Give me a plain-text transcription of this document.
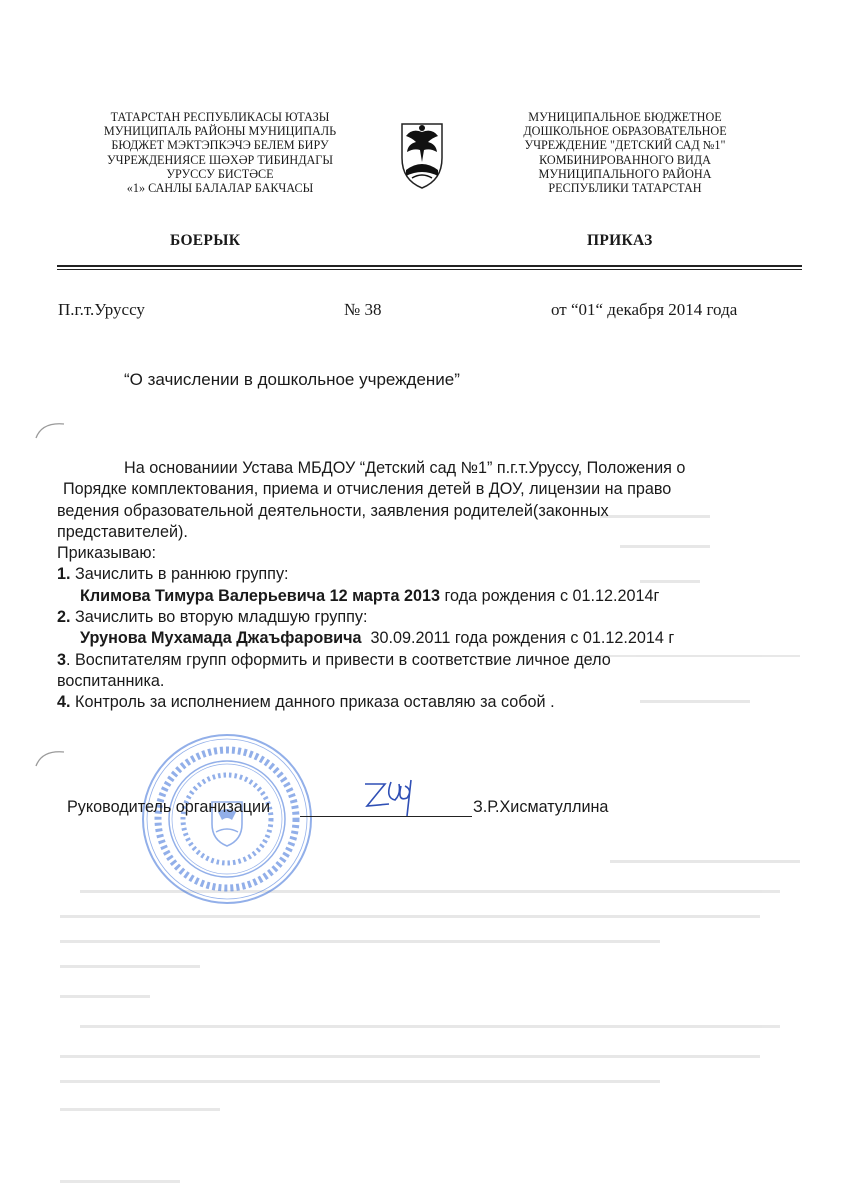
ТАТАРСТАН РЕСПУБЛИКАСЫ ЮТАЗЫ
МУНИЦИПАЛЬ РАЙОНЫ МУНИЦИПАЛЬ
БЮДЖЕТ МЭКТЭПКЭЧЭ БЕЛЕМ БИРУ
УЧРЕЖДЕНИЯСЕ ШӘХӘР ТИБИНДАГЫ
УРУССУ БИСТӘСЕ
«1» САНЛЫ БАЛАЛАР БАКЧАСЫ
МУНИЦИПАЛЬНОЕ БЮДЖЕТНОЕ
ДОШКОЛЬНОЕ ОБРАЗОВАТЕЛЬНОЕ
УЧРЕЖДЕНИЕ "ДЕТСКИЙ САД №1"
КОМБИНИРОВАННОГО ВИДА
МУНИЦИПАЛЬНОГО РАЙОНА
РЕСПУБЛИКИ ТАТАРСТАН
БОЕРЫК	ПРИКАЗ
П.г.т.Уруссу	№ 38	от “01“ декабря 2014 года
“О зачислении в дошкольное учреждение”
На основаниии Устава МБДОУ “Детский сад №1” п.г.т.Уруссу, Положения о
Порядке комплектования, приема и отчисления детей в ДОУ, лицензии на право
ведения образовательной деятельности, заявления родителей(законных
представителей).
Приказываю:
1. Зачислить в раннюю группу:
Климова Тимура Валерьевича 12 марта 2013 года рождения с 01.12.2014г
2. Зачислить во вторую младшую группу:
Урунова Мухамада Джаъфаровича 30.09.2011 года рождения с 01.12.2014 г
3. Воспитателям групп оформить и привести в соответствие личное дело
воспитанника.
4. Контроль за исполнением данного приказа оставляю за собой .
Руководитель организации	З.Р.Хисматуллина
